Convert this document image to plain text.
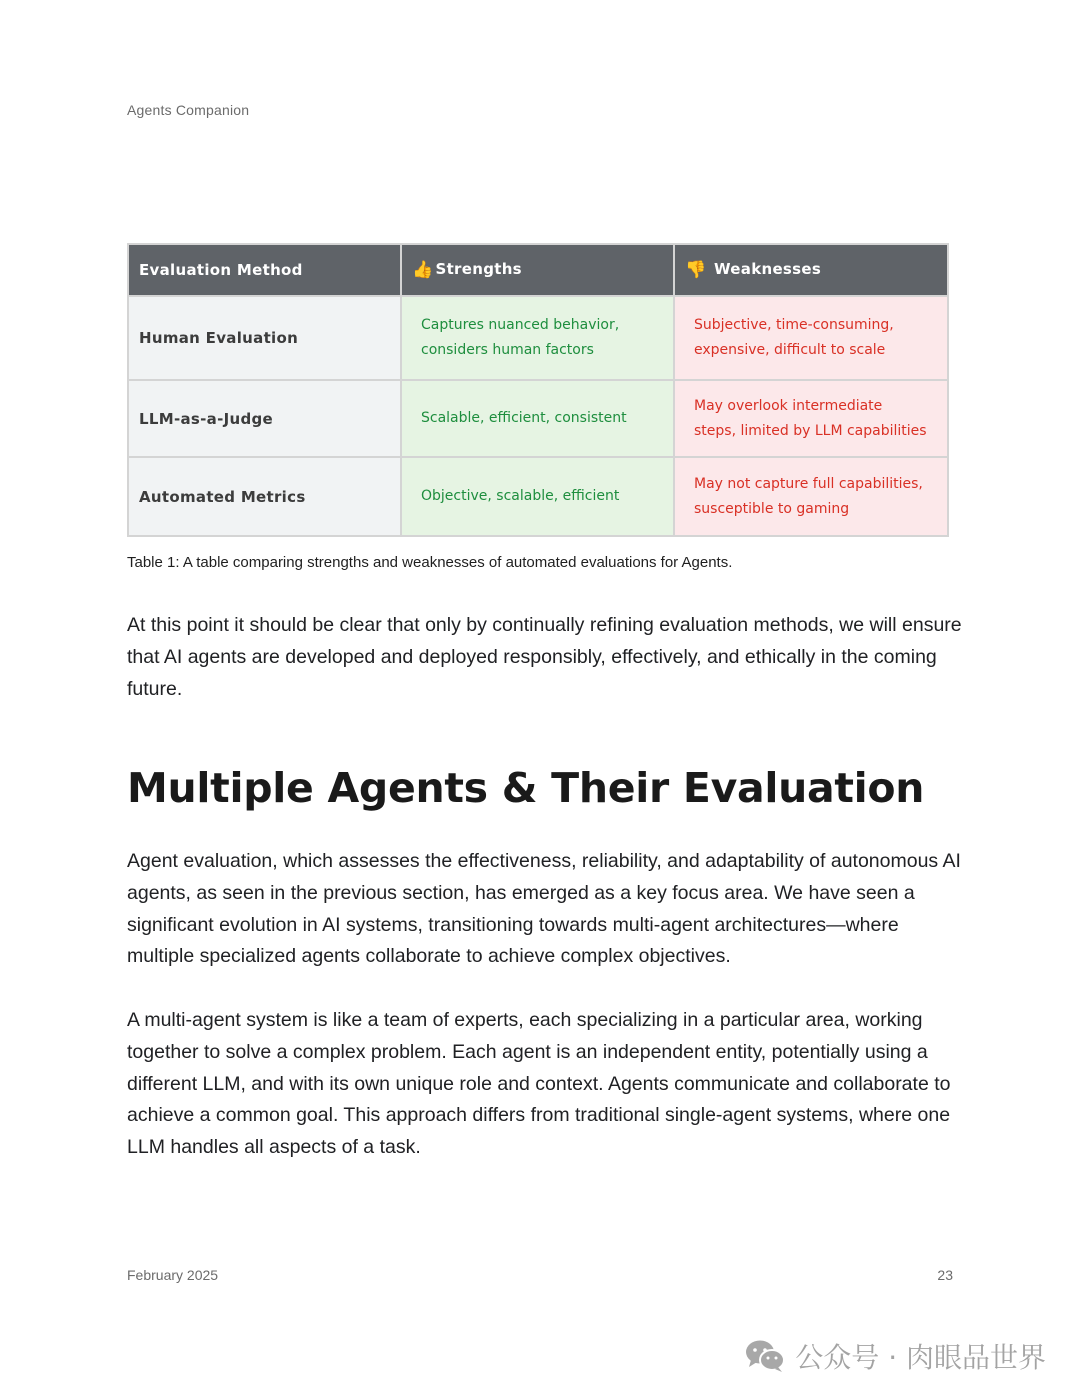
Agents Companion
Evaluation Method	👍 Strengths	👎 Weaknesses
Human Evaluation	Captures nuanced behavior, considers human factors	Subjective, time-consuming, expensive, difficult to scale
LLM-as-a-Judge	Scalable, efficient, consistent	May overlook intermediate steps, limited by LLM capabilities
Automated Metrics	Objective, scalable, efficient	May not capture full capabilities, susceptible to gaming
Table 1: A table comparing strengths and weaknesses of automated evaluations for Agents.

At this point it should be clear that only by continually refining evaluation methods, we will ensure that AI agents are developed and deployed responsibly, effectively, and ethically in the coming future.

Multiple Agents & Their Evaluation

Agent evaluation, which assesses the effectiveness, reliability, and adaptability of autonomous AI agents, as seen in the previous section, has emerged as a key focus area. We have seen a significant evolution in AI systems, transitioning towards multi-agent architectures—where multiple specialized agents collaborate to achieve complex objectives.

A multi-agent system is like a team of experts, each specializing in a particular area, working together to solve a complex problem. Each agent is an independent entity, potentially using a different LLM, and with its own unique role and context. Agents communicate and collaborate to achieve a common goal. This approach differs from traditional single-agent systems, where one LLM handles all aspects of a task.

February 2025	23
公众号 · 肉眼品世界
